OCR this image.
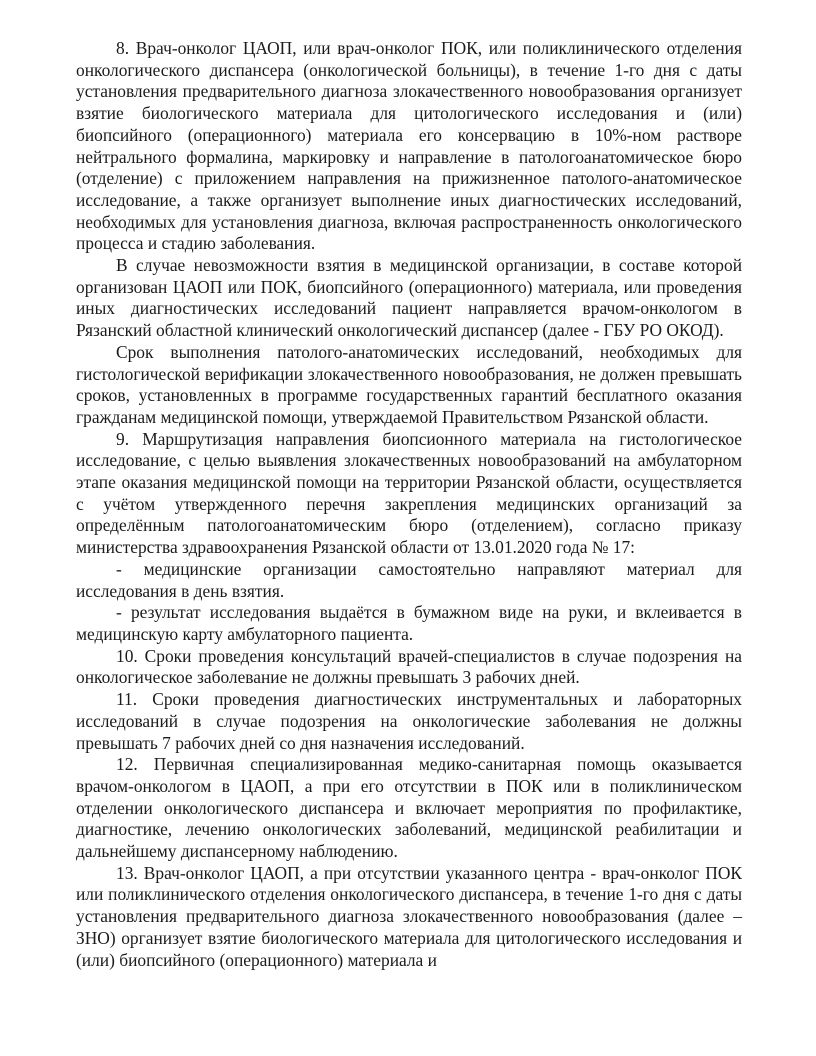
8. Врач-онколог ЦАОП, или врач-онколог ПОК, или поликлинического отделения онкологического диспансера (онкологической больницы), в течение 1-го дня с даты установления предварительного диагноза злокачественного новообразования организует взятие биологического материала для цитологического исследования и (или) биопсийного (операционного) материала его консервацию в 10%-ном растворе нейтрального формалина, маркировку и направление в патологоанатомическое бюро (отделение) с приложением направления на прижизненное патолого-анатомическое исследование, а также организует выполнение иных диагностических исследований, необходимых для установления диагноза, включая распространенность онкологического процесса и стадию заболевания.

В случае невозможности взятия в медицинской организации, в составе которой организован ЦАОП или ПОК, биопсийного (операционного) материала, или проведения иных диагностических исследований пациент направляется врачом-онкологом в Рязанский областной клинический онкологический диспансер (далее - ГБУ РО ОКОД).

Срок выполнения патолого-анатомических исследований, необходимых для гистологической верификации злокачественного новообразования, не должен превышать сроков, установленных в программе государственных гарантий бесплатного оказания гражданам медицинской помощи, утверждаемой Правительством Рязанской области.

9. Маршрутизация направления биопсионного материала на гистологическое исследование, с целью выявления злокачественных новообразований на амбулаторном этапе оказания медицинской помощи на территории Рязанской области, осуществляется с учётом утвержденного перечня закрепления медицинских организаций за определённым патологоанатомическим бюро (отделением), согласно приказу министерства здравоохранения Рязанской области от 13.01.2020 года № 17:

- медицинские организации самостоятельно направляют материал для исследования в день взятия.

- результат исследования выдаётся в бумажном виде на руки, и вклеивается в медицинскую карту амбулаторного пациента.

10. Сроки проведения консультаций врачей-специалистов в случае подозрения на онкологическое заболевание не должны превышать 3 рабочих дней.

11. Сроки проведения диагностических инструментальных и лабораторных исследований в случае подозрения на онкологические заболевания не должны превышать 7 рабочих дней со дня назначения исследований.

12. Первичная специализированная медико-санитарная помощь оказывается врачом-онкологом в ЦАОП, а при его отсутствии в ПОК или в поликлиническом отделении онкологического диспансера и включает мероприятия по профилактике, диагностике, лечению онкологических заболеваний, медицинской реабилитации и дальнейшему диспансерному наблюдению.

13. Врач-онколог ЦАОП, а при отсутствии указанного центра - врач-онколог ПОК или поликлинического отделения онкологического диспансера, в течение 1-го дня с даты установления предварительного диагноза злокачественного новообразования (далее – ЗНО) организует взятие биологического материала для цитологического исследования и (или) биопсийного (операционного) материала и
